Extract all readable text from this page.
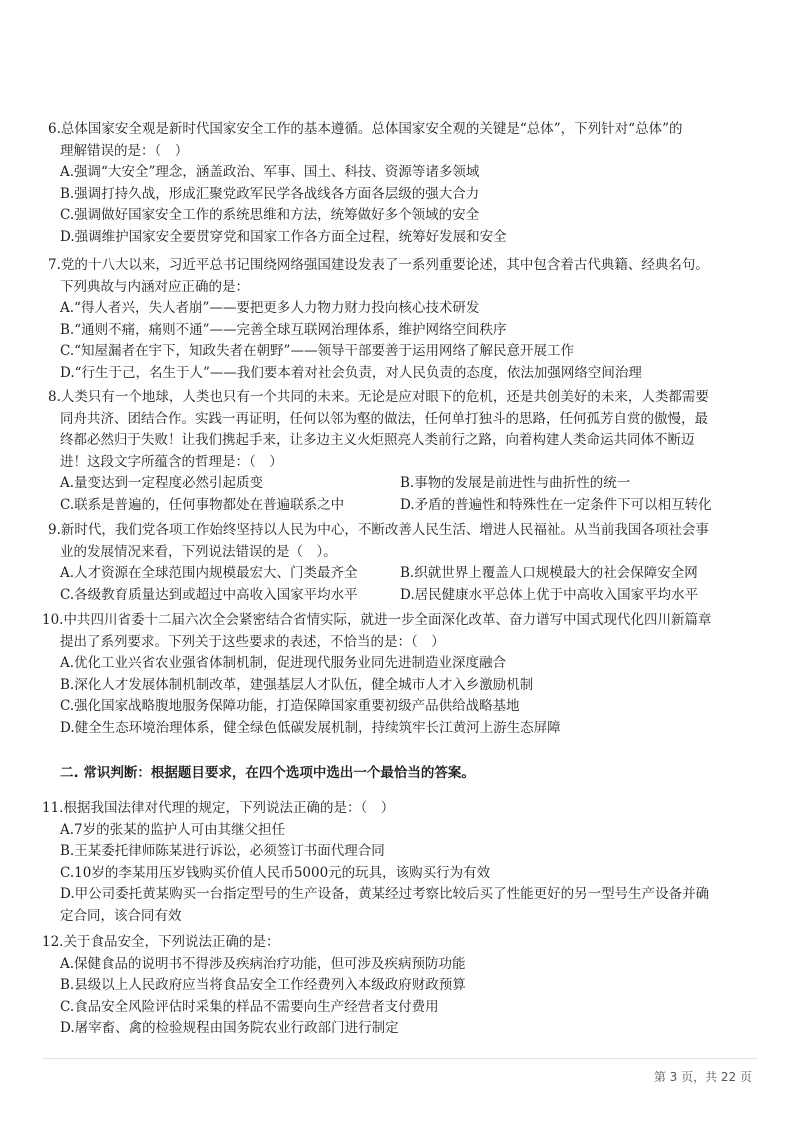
6.总体国家安全观是新时代国家安全工作的基本遵循。总体国家安全观的关键是“总体”，下列针对“总体”的
理解错误的是：（　）
A.强调“大安全”理念，涵盖政治、军事、国土、科技、资源等诸多领域
B.强调打持久战，形成汇聚党政军民学各战线各方面各层级的强大合力
C.强调做好国家安全工作的系统思维和方法，统筹做好多个领域的安全
D.强调维护国家安全要贯穿党和国家工作各方面全过程，统筹好发展和安全
7.党的十八大以来，习近平总书记围绕网络强国建设发表了一系列重要论述，其中包含着古代典籍、经典名句。
下列典故与内涵对应正确的是：
A.“得人者兴，失人者崩”——要把更多人力物力财力投向核心技术研发
B.“通则不痛，痛则不通”——完善全球互联网治理体系，维护网络空间秩序
C.“知屋漏者在宇下，知政失者在朝野”——领导干部要善于运用网络了解民意开展工作
D.“行生于己，名生于人”——我们要本着对社会负责，对人民负责的态度，依法加强网络空间治理
8.人类只有一个地球，人类也只有一个共同的未来。无论是应对眼下的危机，还是共创美好的未来，人类都需要
同舟共济、团结合作。实践一再证明，任何以邻为壑的做法，任何单打独斗的思路，任何孤芳自赏的傲慢，最
终都必然归于失败！让我们携起手来，让多边主义火炬照亮人类前行之路，向着构建人类命运共同体不断迈
进！这段文字所蕴含的哲理是：（　）
A.量变达到一定程度必然引起质变	B.事物的发展是前进性与曲折性的统一
C.联系是普遍的，任何事物都处在普遍联系之中	D.矛盾的普遍性和特殊性在一定条件下可以相互转化
9.新时代，我们党各项工作始终坚持以人民为中心，不断改善人民生活、增进人民福祉。从当前我国各项社会事
业的发展情况来看，下列说法错误的是（　）。
A.人才资源在全球范围内规模最宏大、门类最齐全	B.织就世界上覆盖人口规模最大的社会保障安全网
C.各级教育质量达到或超过中高收入国家平均水平	D.居民健康水平总体上优于中高收入国家平均水平
10.中共四川省委十二届六次全会紧密结合省情实际，就进一步全面深化改革、奋力谱写中国式现代化四川新篇章
提出了系列要求。下列关于这些要求的表述，不恰当的是：（　）
A.优化工业兴省农业强省体制机制，促进现代服务业同先进制造业深度融合
B.深化人才发展体制机制改革，建强基层人才队伍，健全城市人才入乡激励机制
C.强化国家战略腹地服务保障功能，打造保障国家重要初级产品供给战略基地
D.健全生态环境治理体系，健全绿色低碳发展机制，持续筑牢长江黄河上游生态屏障
二. 常识判断：根据题目要求，在四个选项中选出一个最恰当的答案。
11.根据我国法律对代理的规定，下列说法正确的是：（　）
A.7岁的张某的监护人可由其继父担任
B.王某委托律师陈某进行诉讼，必须签订书面代理合同
C.10岁的李某用压岁钱购买价值人民币5000元的玩具，该购买行为有效
D.甲公司委托黄某购买一台指定型号的生产设备，黄某经过考察比较后买了性能更好的另一型号生产设备并确
定合同，该合同有效
12.关于食品安全，下列说法正确的是：
A.保健食品的说明书不得涉及疾病治疗功能，但可涉及疾病预防功能
B.县级以上人民政府应当将食品安全工作经费列入本级政府财政预算
C.食品安全风险评估时采集的样品不需要向生产经营者支付费用
D.屠宰畜、禽的检验规程由国务院农业行政部门进行制定
第 3 页，共 22 页
